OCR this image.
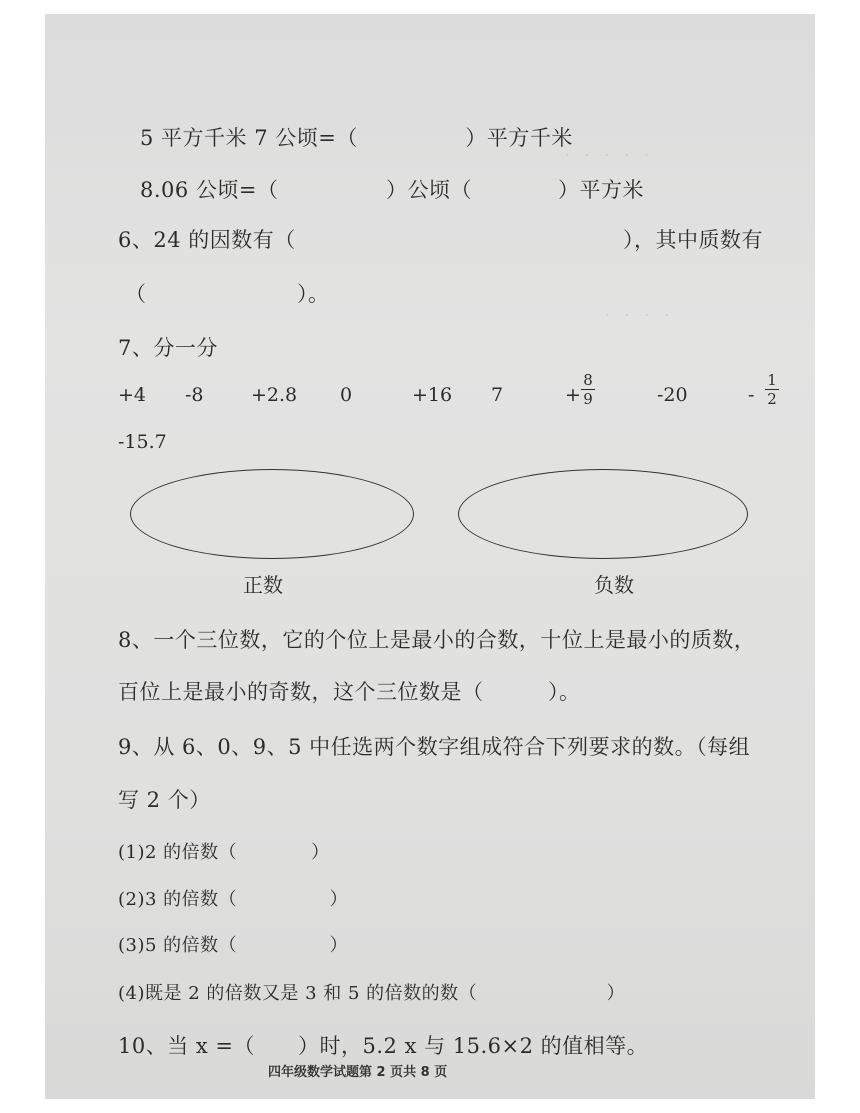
·　·　·　·　·
·　·　·　·
5 平方千米 7 公顷=（　　　　　）平方千米
8.06 公顷=（　　　　　）公顷（　　　　）平方米
6、24 的因数有（	），其中质数有
（　　　　　　　）。
7、分一分
+4 -8 +2.8 0	+16 7	-20
-15.7
+
8
9	-
1
2
正数	负数
8、一个三位数，它的个位上是最小的合数，十位上是最小的质数，
百位上是最小的奇数，这个三位数是（　　　）。
9、从 6、0、9、5 中任选两个数字组成符合下列要求的数。（每组
写 2 个）
(1)2 的倍数（　　　　）
(2)3 的倍数（　　　　　）
(3)5 的倍数（　　　　　）
(4)既是 2 的倍数又是 3 和 5 的倍数的数（　　　　　　　）
10、当 x =（　　）时，5.2 x 与 15.6×2 的值相等。
四年级数学试题第 2 页共 8 页
